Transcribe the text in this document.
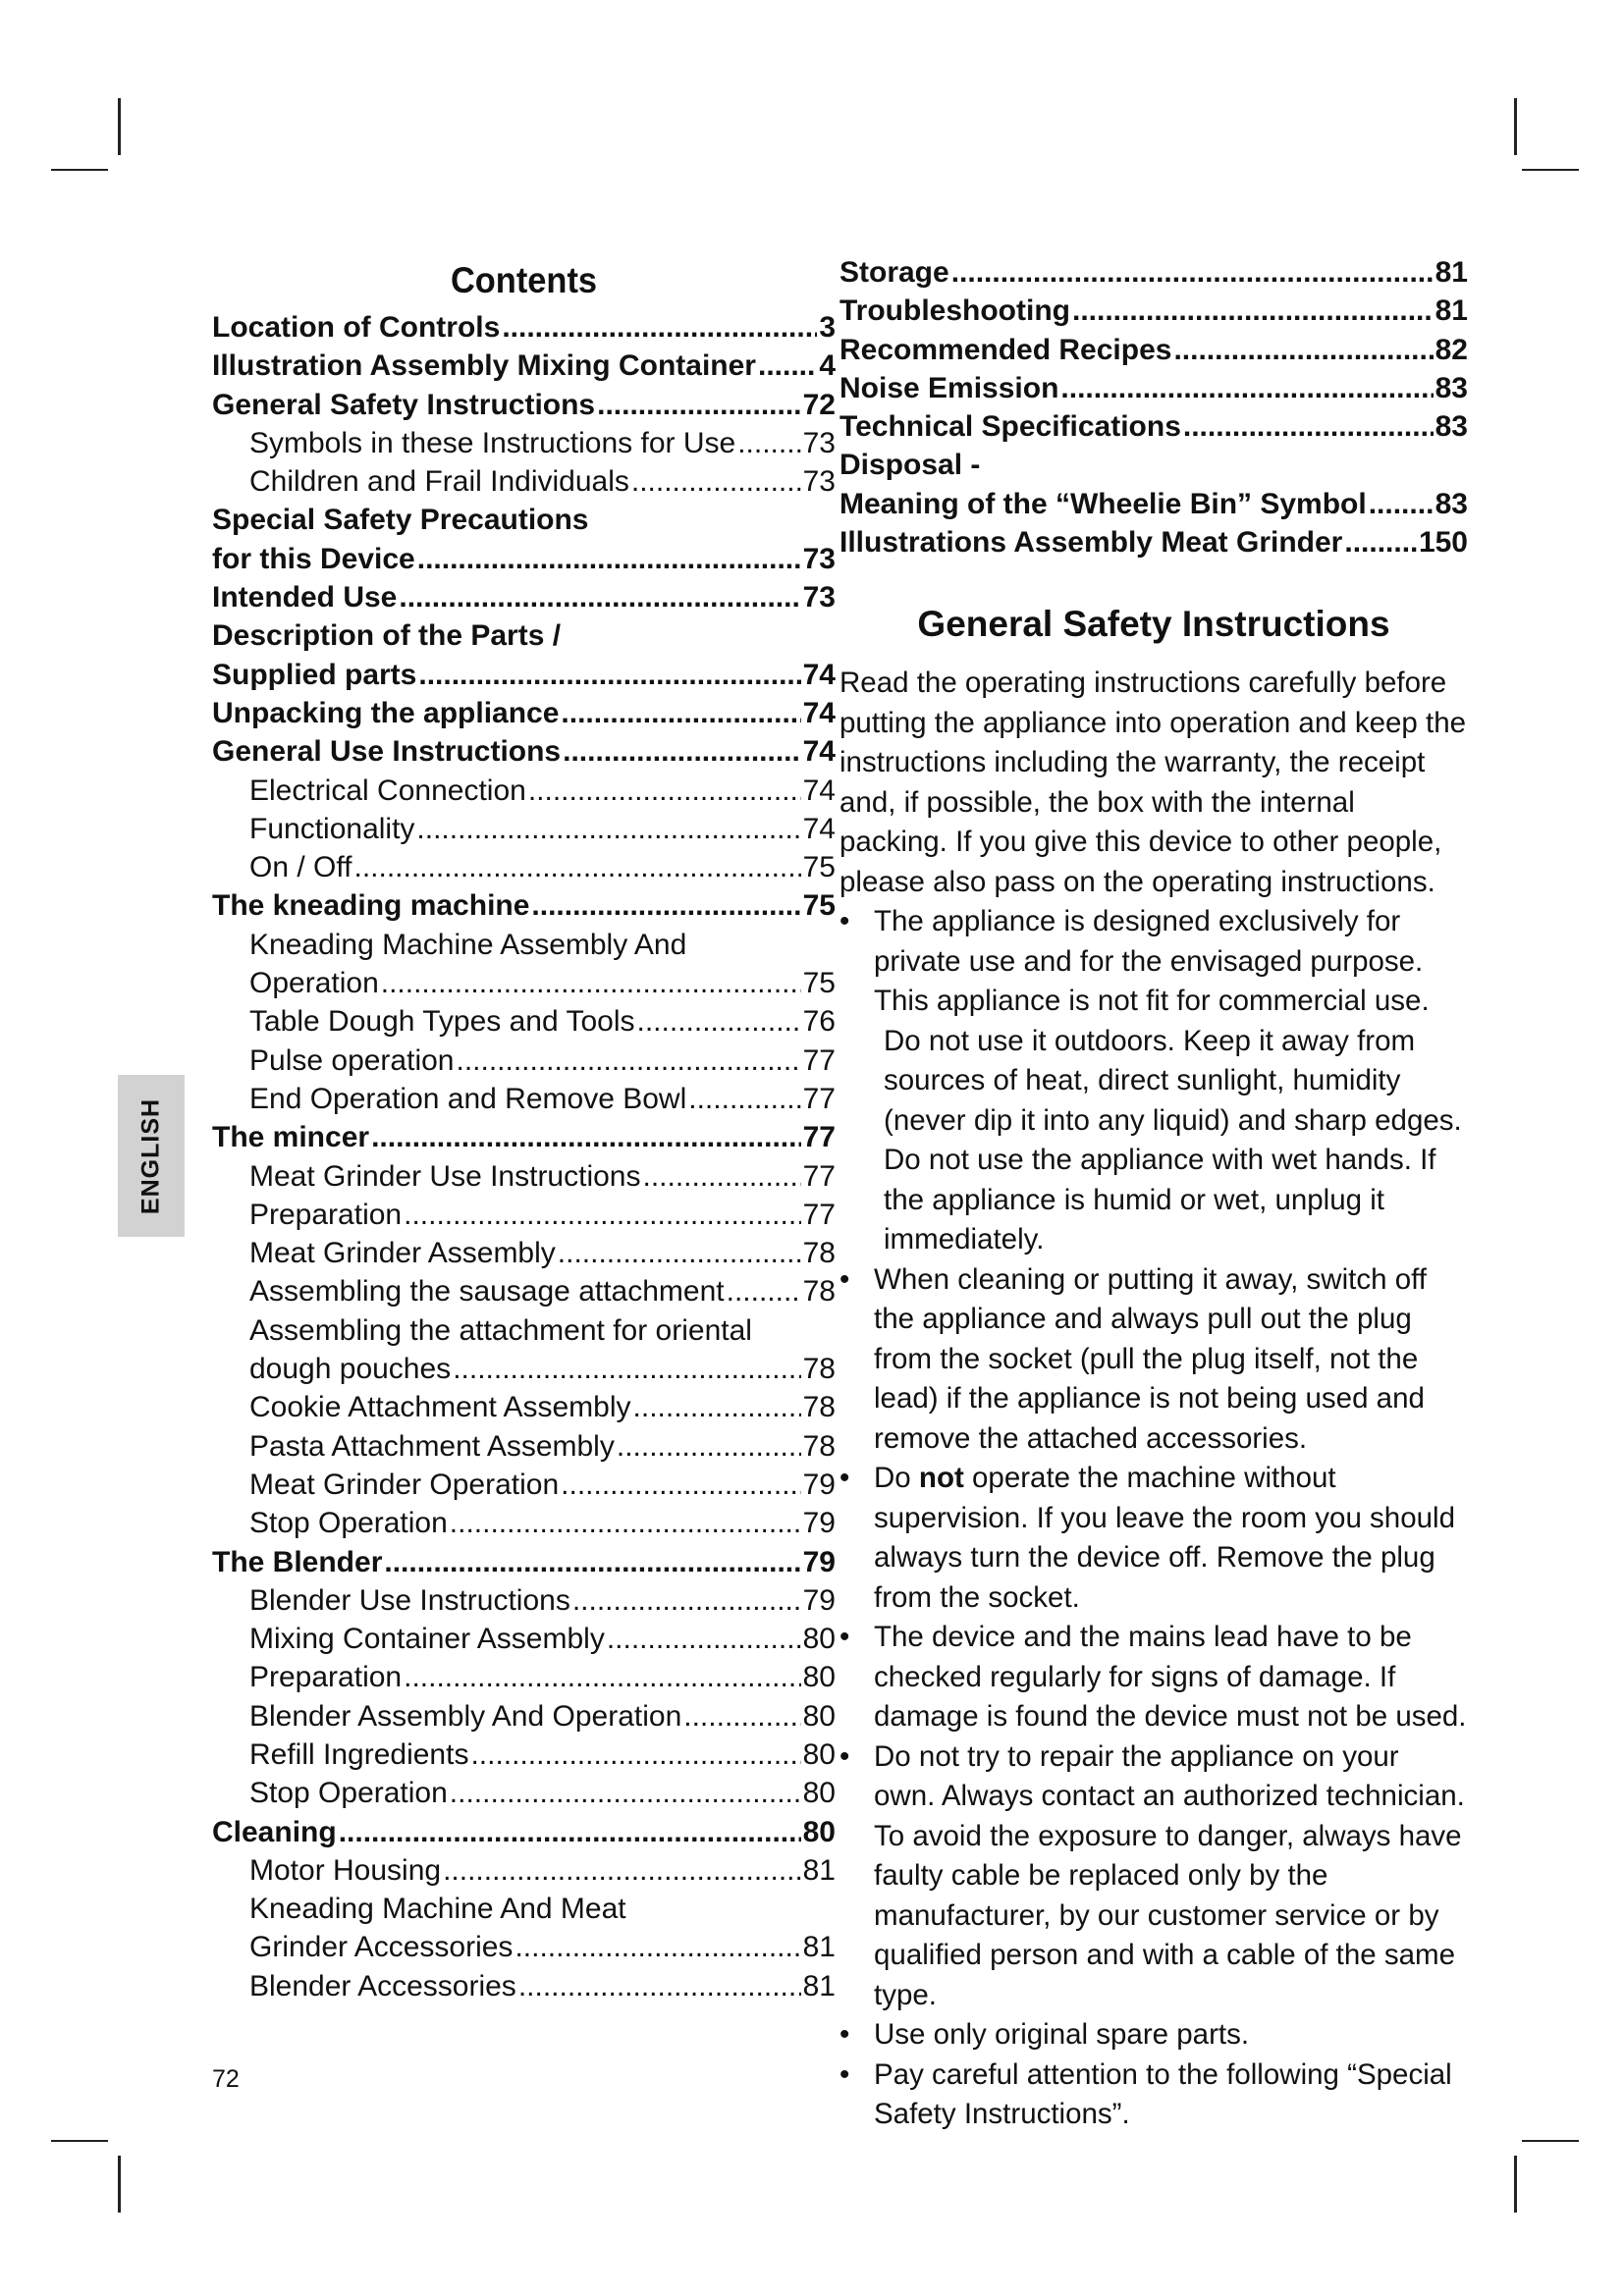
ENGLISH
Contents
Location of Controls .....	3
Illustration Assembly Mixing Container ..... 4
General Safety Instructions .....	72
Symbols in these Instructions for Use ..... 73
Children and Frail Individuals .....	73
Special Safety Precautions
for this Device .....	73
Intended Use .....	73
Description of the Parts /
Supplied parts .....	74
Unpacking the appliance .....	74
General Use Instructions .....	74
Electrical Connection .....	74
Functionality .....	74
On / Off .....	75
The kneading machine .....	75
Kneading Machine Assembly And
Operation .....	75
Table Dough Types and Tools .....	76
Pulse operation .....	77
End Operation and Remove Bowl .....	77
The mincer .....	77
Meat Grinder Use Instructions .....	77
Preparation .....	77
Meat Grinder Assembly .....	78
Assembling the sausage attachment .....	78
Assembling the attachment for oriental
dough pouches .....	78
Cookie Attachment Assembly .....	78
Pasta Attachment Assembly .....	78
Meat Grinder Operation .....	79
Stop Operation .....	79
The Blender .....	79
Blender Use Instructions .....	79
Mixing Container Assembly .....	80
Preparation .....	80
Blender Assembly And Operation .....	80
Refill Ingredients .....	80
Stop Operation .....	80
Cleaning .....	80
Motor Housing .....	81
Kneading Machine And Meat
Grinder Accessories .....	81
Blender Accessories .....	81
Storage .....	81
Troubleshooting .....	81
Recommended Recipes .....	82
Noise Emission .....	83
Technical Specifications .....	83
Disposal -
Meaning of the “Wheelie Bin” Symbol ..... 83
Illustrations Assembly Meat Grinder .....	150
General Safety Instructions

Read the operating instructions carefully before putting the appliance into operation and keep the instructions including the warranty, the receipt and, if possible, the box with the internal packing. If you give this device to other people, please also pass on the operating instructions.

• The appliance is designed exclusively for private use and for the envisaged purpose. This appliance is not fit for commercial use.
Do not use it outdoors. Keep it away from sources of heat, direct sunlight, humidity (never dip it into any liquid) and sharp edges. Do not use the appliance with wet hands. If the appliance is humid or wet, unplug it immediately.
• When cleaning or putting it away, switch off the appliance and always pull out the plug from the socket (pull the plug itself, not the lead) if the appliance is not being used and remove the attached accessories.
• Do not operate the machine without supervision. If you leave the room you should always turn the device off. Remove the plug from the socket.
• The device and the mains lead have to be checked regularly for signs of damage. If damage is found the device must not be used.
• Do not try to repair the appliance on your own. Always contact an authorized technician. To avoid the exposure to danger, always have faulty cable be replaced only by the manufacturer, by our customer service or by qualified person and with a cable of the same type.
• Use only original spare parts.
• Pay careful attention to the following “Special Safety Instructions”.
72
